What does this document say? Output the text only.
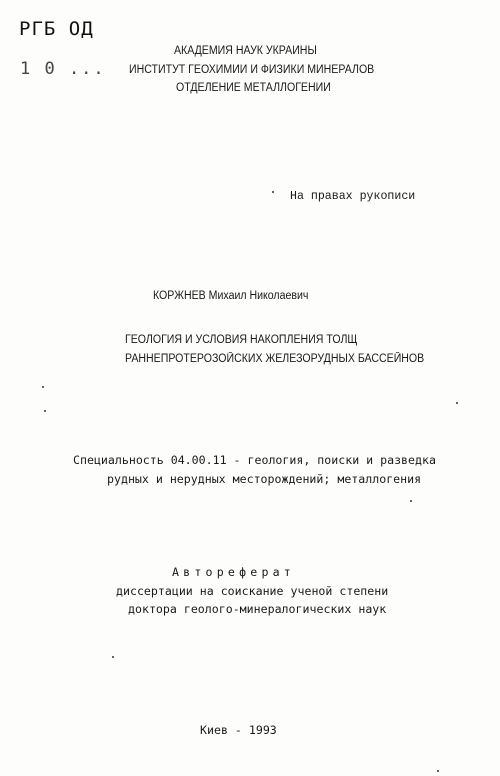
РГБ ОД
1 0 ...
АКАДЕМИЯ НАУК УКРАИНЫ
ИНСТИТУТ ГЕОХИМИИ И ФИЗИКИ МИНЕРАЛОВ
ОТДЕЛЕНИЕ МЕТАЛЛОГЕНИИ
На правах рукописи
КОРЖНЕВ Михаил Николаевич
ГЕОЛОГИЯ И УСЛОВИЯ НАКОПЛЕНИЯ ТОЛЩ
РАННЕПРОТЕРОЗОЙСКИХ ЖЕЛЕЗОРУДНЫХ БАССЕЙНОВ
Специальность 04.00.11 - геология, поиски и разведка
рудных и нерудных месторождений; металлогения
Автореферат
диссертации на соискание ученой степени
доктора геолого-минералогических наук
Киев - 1993
